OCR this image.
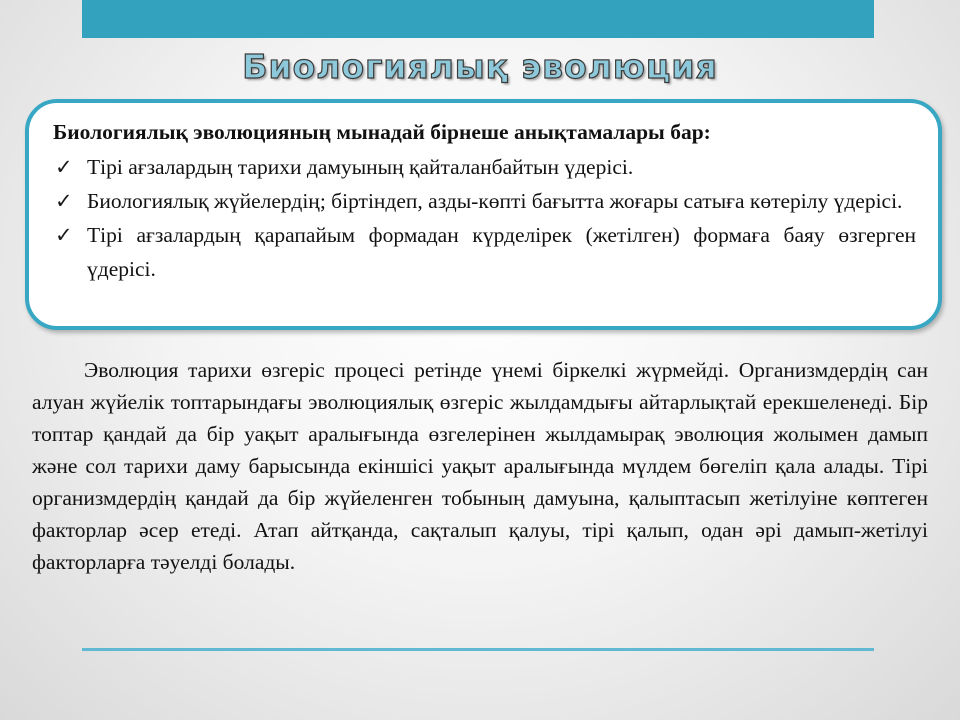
Биологиялық эволюция
Биологиялық эволюцияның мынадай бірнеше анықтамалары бар:
✓ Тірі ағзалардың тарихи дамуының қайталанбайтын үдерісі.
✓ Биологиялық жүйелердің; біртіндеп, азды-көпті бағытта жоғары сатыға көтерілу үдерісі.
✓ Тірі ағзалардың қарапайым формадан күрделірек (жетілген) формаға баяу өзгерген үдерісі.

Эволюция тарихи өзгеріс процесі ретінде үнемі біркелкі жүрмейді. Организмдердің сан алуан жүйелік топтарындағы эволюциялық өзгеріс жылдамдығы айтарлықтай ерекшеленеді. Бір топтар қандай да бір уақыт аралығында өзгелерінен жылдамырақ эволюция жолымен дамып және сол тарихи даму барысында екіншісі уақыт аралығында мүлдем бөгеліп қала алады. Тірі организмдердің қандай да бір жүйеленген тобының дамуына, қалыптасып жетілуіне көптеген факторлар әсер етеді. Атап айтқанда, сақталып қалуы, тірі қалып, одан әрі дамып-жетілуі факторларға тәуелді болады.
